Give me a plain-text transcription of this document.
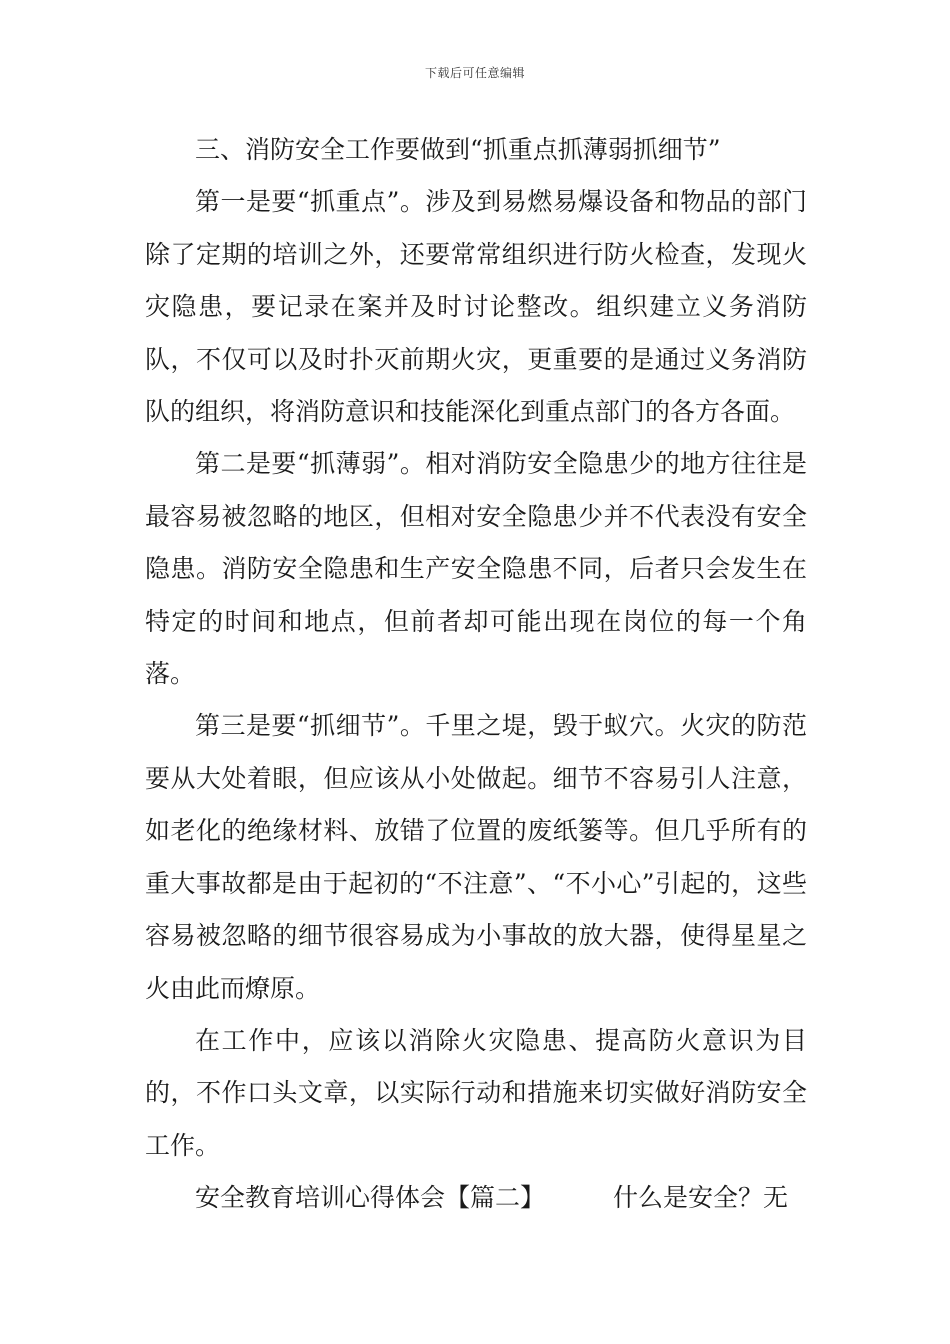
下载后可任意编辑

三、消防安全工作要做到“抓重点抓薄弱抓细节”

第一是要“抓重点”。涉及到易燃易爆设备和物品的部门除了定期的培训之外，还要常常组织进行防火检查，发现火灾隐患，要记录在案并及时讨论整改。组织建立义务消防队，不仅可以及时扑灭前期火灾，更重要的是通过义务消防队的组织，将消防意识和技能深化到重点部门的各方各面。

第二是要“抓薄弱”。相对消防安全隐患少的地方往往是最容易被忽略的地区，但相对安全隐患少并不代表没有安全隐患。消防安全隐患和生产安全隐患不同，后者只会发生在特定的时间和地点，但前者却可能出现在岗位的每一个角落。

第三是要“抓细节”。千里之堤，毁于蚁穴。火灾的防范要从大处着眼，但应该从小处做起。细节不容易引人注意，如老化的绝缘材料、放错了位置的废纸篓等。但几乎所有的重大事故都是由于起初的“不注意”、“不小心”引起的，这些容易被忽略的细节很容易成为小事故的放大器，使得星星之火由此而燎原。

在工作中，应该以消除火灾隐患、提高防火意识为目的，不作口头文章，以实际行动和措施来切实做好消防安全工作。

安全教育培训心得体会【篇二】	什么是安全？无
